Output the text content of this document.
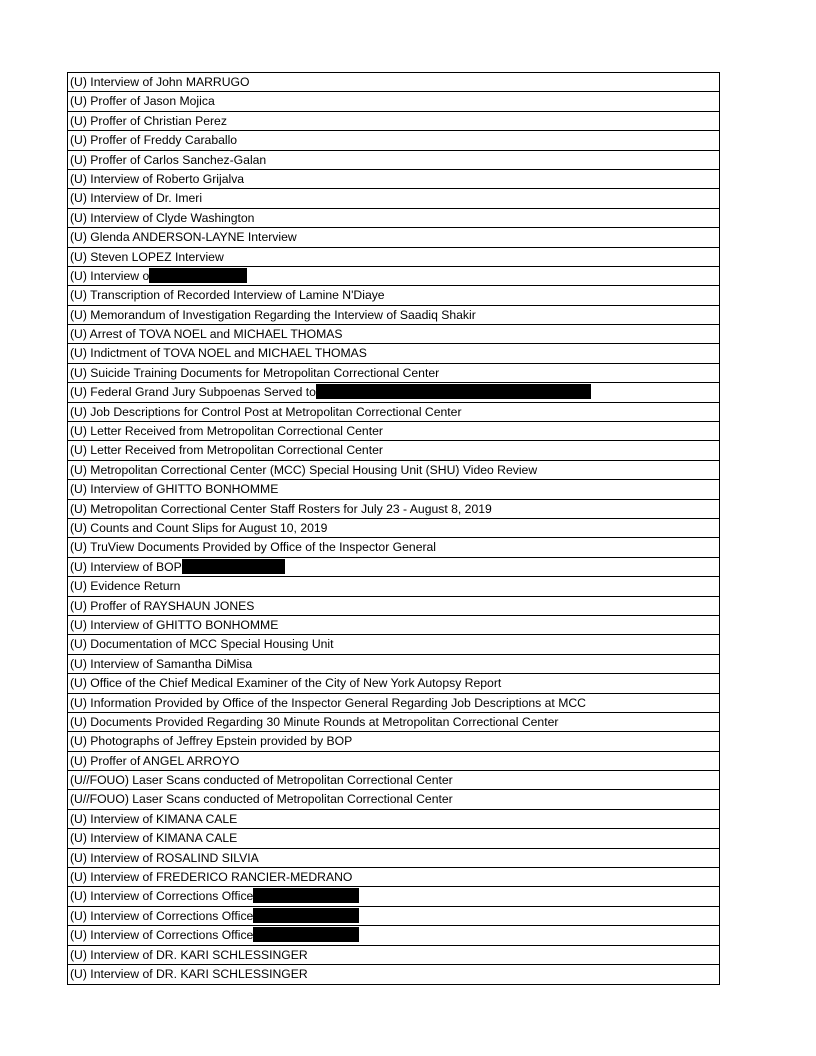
(U) Interview of John MARRUGO
(U) Proffer of Jason Mojica
(U) Proffer of Christian Perez
(U) Proffer of Freddy Caraballo
(U) Proffer of Carlos Sanchez-Galan
(U) Interview of Roberto Grijalva
(U) Interview of Dr. Imeri
(U) Interview of Clyde Washington
(U) Glenda ANDERSON-LAYNE Interview
(U) Steven LOPEZ Interview
(U) Interview o
(U) Transcription of Recorded Interview of Lamine N'Diaye
(U) Memorandum of Investigation Regarding the Interview of Saadiq Shakir
(U) Arrest of TOVA NOEL and MICHAEL THOMAS
(U) Indictment of TOVA NOEL and MICHAEL THOMAS
(U) Suicide Training Documents for Metropolitan Correctional Center
(U) Federal Grand Jury Subpoenas Served to
(U) Job Descriptions for Control Post at Metropolitan Correctional Center
(U) Letter Received from Metropolitan Correctional Center
(U) Letter Received from Metropolitan Correctional Center
(U) Metropolitan Correctional Center (MCC) Special Housing Unit (SHU) Video Review
(U) Interview of GHITTO BONHOMME
(U) Metropolitan Correctional Center Staff Rosters for July 23 - August 8, 2019
(U) Counts and Count Slips for August 10, 2019
(U) TruView Documents Provided by Office of the Inspector General
(U) Interview of BOP
(U) Evidence Return
(U) Proffer of RAYSHAUN JONES
(U) Interview of GHITTO BONHOMME
(U) Documentation of MCC Special Housing Unit
(U) Interview of Samantha DiMisa
(U) Office of the Chief Medical Examiner of the City of New York Autopsy Report
(U) Information Provided by Office of the Inspector General Regarding Job Descriptions at MCC
(U) Documents Provided Regarding 30 Minute Rounds at Metropolitan Correctional Center
(U) Photographs of Jeffrey Epstein provided by BOP
(U) Proffer of ANGEL ARROYO
(U//FOUO) Laser Scans conducted of Metropolitan Correctional Center
(U//FOUO) Laser Scans conducted of Metropolitan Correctional Center
(U) Interview of KIMANA CALE
(U) Interview of KIMANA CALE
(U) Interview of ROSALIND SILVIA
(U) Interview of FREDERICO RANCIER-MEDRANO
(U) Interview of Corrections Office
(U) Interview of Corrections Office
(U) Interview of Corrections Office
(U) Interview of DR. KARI SCHLESSINGER
(U) Interview of DR. KARI SCHLESSINGER
